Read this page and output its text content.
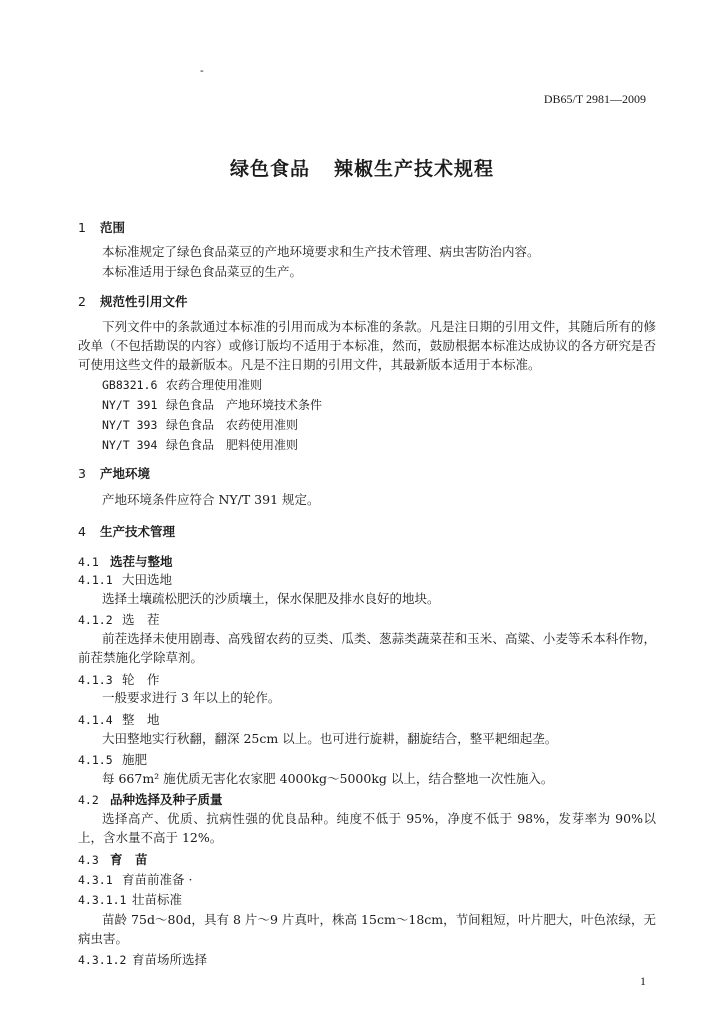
-
DB65/T 2981—2009
绿色食品 辣椒生产技术规程
1 范围
本标准规定了绿色食品菜豆的产地环境要求和生产技术管理、病虫害防治内容。
本标准适用于绿色食品菜豆的生产。
2 规范性引用文件
下列文件中的条款通过本标准的引用而成为本标准的条款。凡是注日期的引用文件，其随后所有的修改单（不包括勘误的内容）或修订版均不适用于本标准，然而，鼓励根据本标准达成协议的各方研究是否可使用这些文件的最新版本。凡是不注日期的引用文件，其最新版本适用于本标准。
GB8321.6 农药合理使用准则
NY/T 391 绿色食品　产地环境技术条件
NY/T 393 绿色食品　农药使用准则
NY/T 394 绿色食品　肥料使用准则
3 产地环境
产地环境条件应符合 NY/T 391 规定。
4 生产技术管理
4.1 选茬与整地
4.1.1 大田选地
选择土壤疏松肥沃的沙质壤土，保水保肥及排水良好的地块。
4.1.2 选　茬
前茬选择未使用剧毒、高残留农药的豆类、瓜类、葱蒜类蔬菜茬和玉米、高粱、小麦等禾本科作物，前茬禁施化学除草剂。
4.1.3 轮　作
一般要求进行 3 年以上的轮作。
4.1.4 整　地
大田整地实行秋翻，翻深 25cm 以上。也可进行旋耕，翻旋结合，整平耙细起垄。
4.1.5 施肥
每 667m² 施优质无害化农家肥 4000kg～5000kg 以上，结合整地一次性施入。
4.2 品种选择及种子质量
选择高产、优质、抗病性强的优良品种。纯度不低于 95%，净度不低于 98%，发芽率为 90%以上，含水量不高于 12%。
4.3 育　苗
4.3.1 育苗前准备 ·
4.3.1.1 壮苗标准
苗龄 75d～80d，具有 8 片～9 片真叶，株高 15cm～18cm，节间粗短，叶片肥大，叶色浓绿，无病虫害。
4.3.1.2 育苗场所选择
1
